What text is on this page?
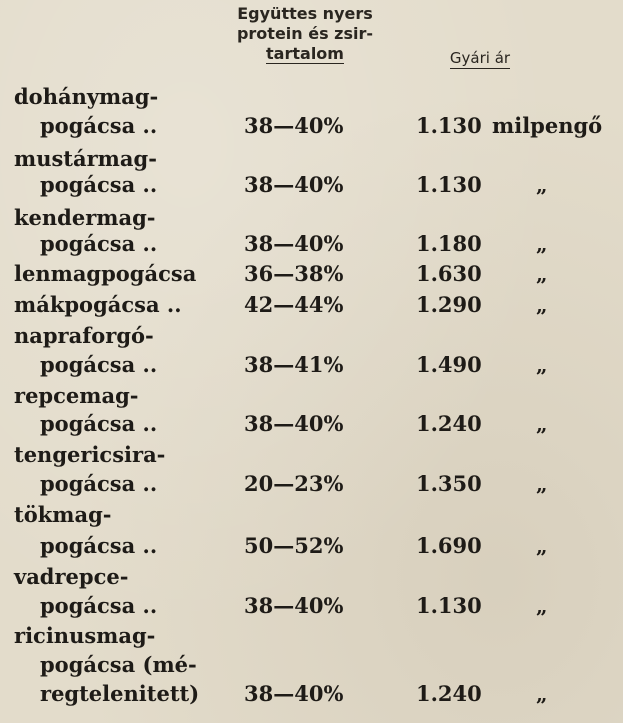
Együttes nyers
protein és zsir-
tartalom	Gyári ár
dohánymag-
pogácsa ..	38—40%	1.130 milpengő
mustármag-
pogácsa ..	38—40%	1.130	„
kendermag-
pogácsa ..	38—40%	1.180	„
lenmagpogácsa 36—38%	1.630	„
mákpogácsa ..	42—44%	1.290	„
napraforgó-
pogácsa ..	38—41%	1.490	„
repcemag-
pogácsa ..	38—40%	1.240	„
tengericsira-
pogácsa ..	20—23%	1.350	„
tökmag-
pogácsa ..	50—52%	1.690	„
vadrepce-
pogácsa ..	38—40%	1.130	„
ricinusmag-
pogácsa (mé-
regtelenitett) 38—40%	1.240	„
